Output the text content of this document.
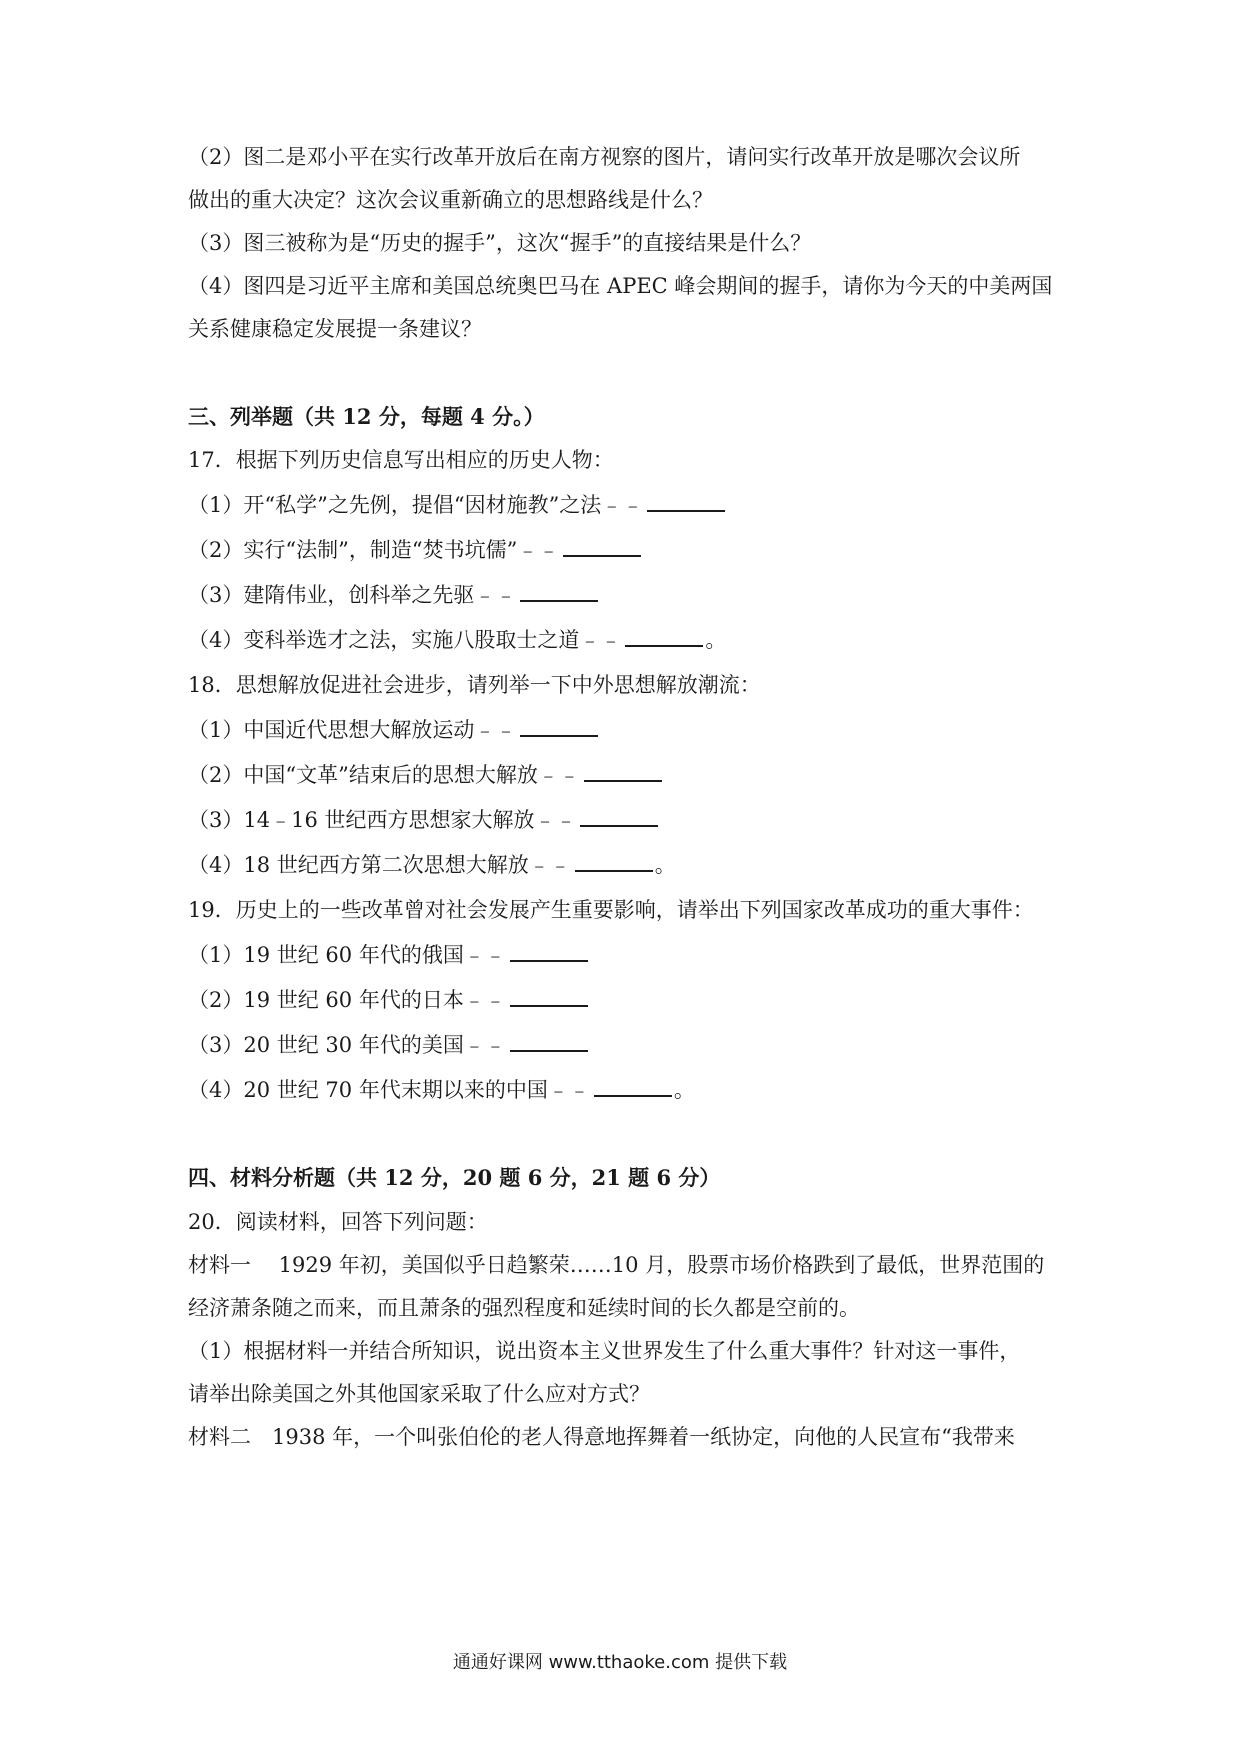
（2）图二是邓小平在实行改革开放后在南方视察的图片，请问实行改革开放是哪次会议所
做出的重大决定？这次会议重新确立的思想路线是什么？
（3）图三被称为是“历史的握手”，这次“握手”的直接结果是什么？
（4）图四是习近平主席和美国总统奥巴马在 APEC 峰会期间的握手，请你为今天的中美两国
关系健康稳定发展提一条建议？
三、列举题（共 12 分，每题 4 分。）
17．根据下列历史信息写出相应的历史人物：
（1）开“私学”之先例，提倡“因材施教”之法﹣﹣
（2）实行“法制”，制造“焚书坑儒”﹣﹣
（3）建隋伟业，创科举之先驱﹣﹣
（4）变科举选才之法，实施八股取士之道﹣﹣	。
18．思想解放促进社会进步，请列举一下中外思想解放潮流：
（1）中国近代思想大解放运动﹣﹣
（2）中国“文革”结束后的思想大解放﹣﹣
（3）14﹣16 世纪西方思想家大解放﹣﹣
（4）18 世纪西方第二次思想大解放﹣﹣	。
19．历史上的一些改革曾对社会发展产生重要影响，请举出下列国家改革成功的重大事件：
（1）19 世纪 60 年代的俄国﹣﹣
（2）19 世纪 60 年代的日本﹣﹣
（3）20 世纪 30 年代的美国﹣﹣
（4）20 世纪 70 年代末期以来的中国﹣﹣	。
四、材料分析题（共 12 分，20 题 6 分，21 题 6 分）
20．阅读材料，回答下列问题：
材料一　 1929 年初，美国似乎日趋繁荣……10 月，股票市场价格跌到了最低，世界范围的
经济萧条随之而来，而且萧条的强烈程度和延续时间的长久都是空前的。
（1）根据材料一并结合所知识，说出资本主义世界发生了什么重大事件？针对这一事件，
请举出除美国之外其他国家采取了什么应对方式？
材料二　1938 年，一个叫张伯伦的老人得意地挥舞着一纸协定，向他的人民宣布“我带来
通通好课网 www.tthaoke.com 提供下载
